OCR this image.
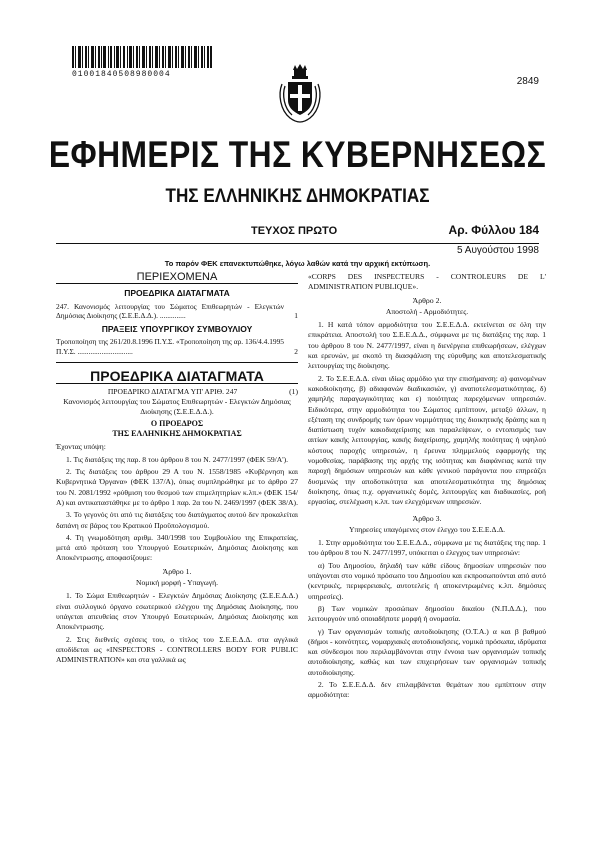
01001840508980004
2849
ΕΦΗΜΕΡΙΣ ΤΗΣ ΚΥΒΕΡΝΗΣΕΩΣ
ΤΗΣ ΕΛΛΗΝΙΚΗΣ ΔΗΜΟΚΡΑΤΙΑΣ
ΤΕΥΧΟΣ ΠΡΩΤΟ	Αρ. Φύλλου 184
5 Αυγούστου 1998
Το παρόν ΦΕΚ επανεκτυπώθηκε, λόγω λαθών κατά την αρχική εκτύπωση.
ΠΕΡΙΕΧΟΜΕΝΑ
ΠΡΟΕΔΡΙΚΑ ΔΙΑΤΑΓΜΑΤΑ
247. Κανονισμός λειτουργίας του Σώματος Επιθεωρητών - Ελεγκτών Δημόσιας Διοίκησης (Σ.Ε.Ε.Δ.Δ.). ..............	1
ΠΡΑΞΕΙΣ ΥΠΟΥΡΓΙΚΟΥ ΣΥΜΒΟΥΛΙΟΥ
Τροποποίηση της 261/20.8.1996 Π.Υ.Σ. «Τροποποίηση της αρ. 136/4.4.1995 Π.Υ.Σ. ..............................	2
ΠΡΟΕΔΡΙΚΑ ΔΙΑΤΑΓΜΑΤΑ
ΠΡΟΕΔΡΙΚΟ ΔΙΑΤΑΓΜΑ ΥΠ' ΑΡΙΘ. 247	(1)

Κανονισμός λειτουργίας του Σώματος Επιθεωρητών - Ελεγκτών Δημόσιας Διοίκησης (Σ.Ε.Ε.Δ.Δ.).

Ο ΠΡΟΕΔΡΟΣ
ΤΗΣ ΕΛΛΗΝΙΚΗΣ ΔΗΜΟΚΡΑΤΙΑΣ

Έχοντας υπόψη:

1. Τις διατάξεις της παρ. 8 του άρθρου 8 του Ν. 2477/1997 (ΦΕΚ 59/Α').

2. Τις διατάξεις του άρθρου 29 Α του Ν. 1558/1985 «Κυβέρνηση και Κυβερνητικά Όργανα» (ΦΕΚ 137/Α), όπως συμπληρώθηκε με το άρθρο 27 του Ν. 2081/1992 «ρύθμιση του θεσμού των επιμελητηρίων κ.λπ.» (ΦΕΚ 154/Α) και αντικαταστάθηκε με το άρθρο 1 παρ. 2α του Ν. 2469/1997 (ΦΕΚ 38/Α).

3. Το γεγονός ότι από τις διατάξεις του διατάγματος αυτού δεν προκαλείται δαπάνη σε βάρος του Κρατικού Προϋπολογισμού.

4. Τη γνωμοδότηση αριθμ. 340/1998 του Συμβουλίου της Επικρατείας, μετά από πρόταση του Υπουργού Εσωτερικών, Δημόσιας Διοίκησης και Αποκέντρωσης, αποφασίζουμε:

Άρθρο 1.
Νομική μορφή - Υπαγωγή.

1. Το Σώμα Επιθεωρητών - Ελεγκτών Δημόσιας Διοίκησης (Σ.Ε.Ε.Δ.Δ.) είναι συλλογικό όργανο εσωτερικού ελέγχου της Δημόσιας Διοίκησης, που υπάγεται απευθείας στον Υπουργό Εσωτερικών, Δημόσιας Διοίκησης και Αποκέντρωσης.

2. Στις διεθνείς σχέσεις του, ο τίτλος του Σ.Ε.Ε.Δ.Δ. στα αγγλικά αποδίδεται ως «INSPECTORS - CONTROLLERS BODY FOR PUBLIC ADMINISTRATION» και στα γαλλικά ως

«CORPS DES INSPECTEURS - CONTROLEURS DE L' ADMINISTRATION PUBLIQUE».

Άρθρο 2.
Αποστολή - Αρμοδιότητες.

1. Η κατά τόπον αρμοδιότητα του Σ.Ε.Ε.Δ.Δ. εκτείνεται σε όλη την επικράτεια. Αποστολή του Σ.Ε.Ε.Δ.Δ., σύμφωνα με τις διατάξεις της παρ. 1 του άρθρου 8 του Ν. 2477/1997, είναι η διενέργεια επιθεωρήσεων, ελέγχων και ερευνών, με σκοπό τη διασφάλιση της εύρυθμης και αποτελεσματικής λειτουργίας της διοίκησης.

2. Το Σ.Ε.Ε.Δ.Δ. είναι ιδίως αρμόδιο για την επισήμανση: α) φαινομένων κακοδιοίκησης, β) αδιαφανών διαδικασιών, γ) αναποτελεσματικότητας, δ) χαμηλής παραγωγικότητας και ε) ποιότητας παρεχόμενων υπηρεσιών. Ειδικότερα, στην αρμοδιότητα του Σώματος εμπίπτουν, μεταξύ άλλων, η εξέταση της συνδρομής των όρων νομιμότητας της διοικητικής δράσης και η διαπίστωση τυχόν κακοδιαχείρισης και παραλείψεων, ο εντοπισμός των αιτίων κακής λειτουργίας, κακής διαχείρισης, χαμηλής ποιότητας ή υψηλού κόστους παροχής υπηρεσιών, η έρευνα πλημμελούς εφαρμογής της νομοθεσίας, παράβασης της αρχής της ισότητας και διαφάνειας κατά την παροχή δημόσιων υπηρεσιών και κάθε γενικού παράγοντα που επηρεάζει δυσμενώς την αποδοτικότητα και αποτελεσματικότητα της δημόσιας διοίκησης, όπως π.χ. οργανωτικές δομές, λειτουργίες και διαδικασίες, ροή εργασίας, στελέχωση κ.λπ. των ελεγχόμενων υπηρεσιών.

Άρθρο 3.
Υπηρεσίες υπαγόμενες στον έλεγχο του Σ.Ε.Ε.Δ.Δ.

1. Στην αρμοδιότητα του Σ.Ε.Ε.Δ.Δ., σύμφωνα με τις διατάξεις της παρ. 1 του άρθρου 8 του Ν. 2477/1997, υπόκειται ο έλεγχος των υπηρεσιών:

α) Του Δημοσίου, δηλαδή των κάθε είδους δημοσίων υπηρεσιών που υπάγονται στο νομικό πρόσωπο του Δημοσίου και εκπροσωπούνται από αυτό (κεντρικές, περιφερειακές, αυτοτελείς ή αποκεντρωμένες κ.λπ. δημόσιες υπηρεσίες).

β) Των νομικών προσώπων δημοσίου δικαίου (Ν.Π.Δ.Δ.), που λειτουργούν υπό οποιαδήποτε μορφή ή ονομασία.

γ) Των οργανισμών τοπικής αυτοδιοίκησης (Ο.Τ.Α.) α και β βαθμού (δήμοι - κοινότητες, νομαρχιακές αυτοδιοικήσεις, νομικά πρόσωπα, ιδρύματα και σύνδεσμοι που περιλαμβάνονται στην έννοια των οργανισμών τοπικής αυτοδιοίκησης, καθώς και των επιχειρήσεων των οργανισμών τοπικής αυτοδιοίκησης.

2. Το Σ.Ε.Ε.Δ.Δ. δεν επιλαμβάνεται θεμάτων που εμπίπτουν στην αρμοδιότητα:
